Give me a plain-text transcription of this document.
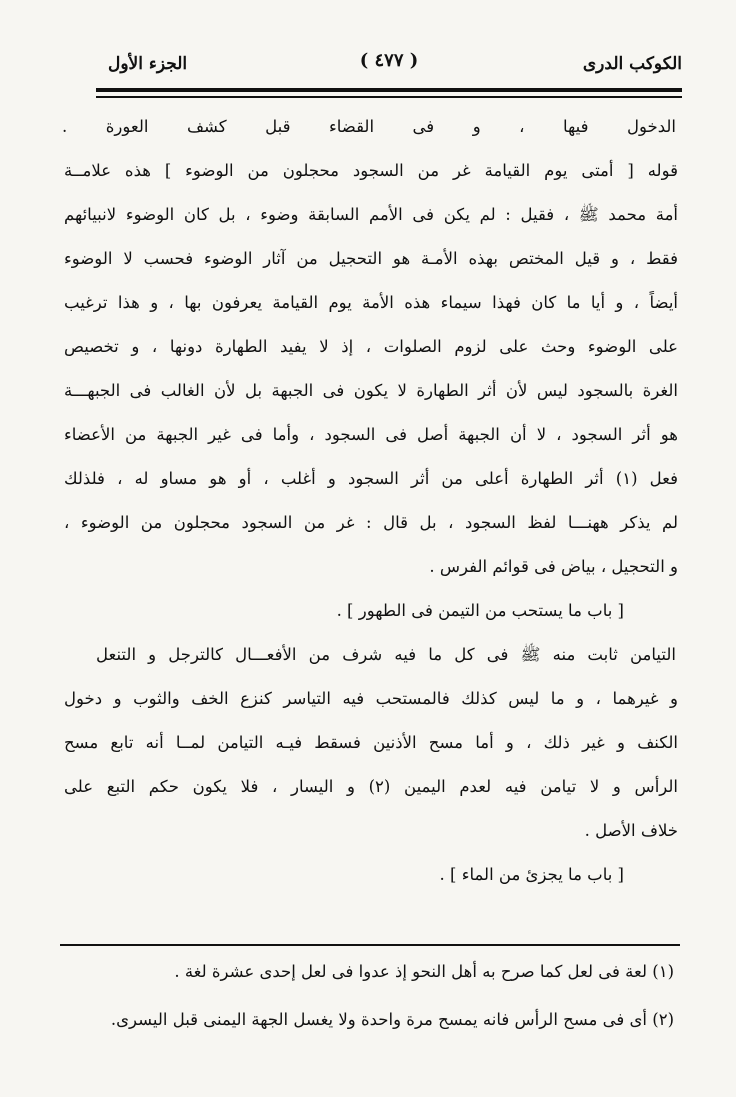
الكوكب الدرى
( ٤٧٧ )
الجزء الأول
الدخول فيها ، و فى القضاء قبل كشف العورة .
قوله [ أمتى يوم القيامة غر من السجود محجلون من الوضوء ] هذه علامــة
أمة محمد ﷺ ، فقيل : لم يكن فى الأمم السابقة وضوء ، بل كان الوضوء لانبيائهم
فقط ، و قيل المختص بهذه الأمـة هو التحجيل من آثار الوضوء فحسب لا الوضوء
أيضاً ، و أيا ما كان فهذا سيماء هذه الأمة يوم القيامة يعرفون بها ، و هذا ترغيب
على الوضوء وحث على لزوم الصلوات ، إذ لا يفيد الطهارة دونها ، و تخصيص
الغرة بالسجود ليس لأن أثر الطهارة لا يكون فى الجبهة بل لأن الغالب فى الجبهـــة
هو أثر السجود ، لا أن الجبهة أصل فى السجود ، وأما فى غير الجبهة من الأعضاء
فعل (١) أثر الطهارة أعلى من أثر السجود و أغلب ، أو هو مساو له ، فلذلك
لم يذكر ههنـــا لفظ السجود ، بل قال : غر من السجود محجلون من الوضوء ،
و التحجيل ، بياض فى قوائم الفرس .
[ باب ما يستحب من التيمن فى الطهور ] .
التيامن ثابت منه ﷺ فى كل ما فيه شرف من الأفعـــال كالترجل و التنعل
و غيرهما ، و ما ليس كذلك فالمستحب فيه التياسر كنزع الخف والثوب و دخول
الكنف و غير ذلك ، و أما مسح الأذنين فسقط فيـه التيامن لمــا أنه تابع مسح
الرأس و لا تيامن فيه لعدم اليمين (٢) و اليسار ، فلا يكون حكم التبع على
خلاف الأصل .
[ باب ما يجزئ من الماء ] .
(١) لعة فى لعل كما صرح به أهل النحو إذ عدوا فى لعل إحدى عشرة لغة .
(٢) أى فى مسح الرأس فانه يمسح مرة واحدة ولا يغسل الجهة اليمنى قبل اليسرى.
